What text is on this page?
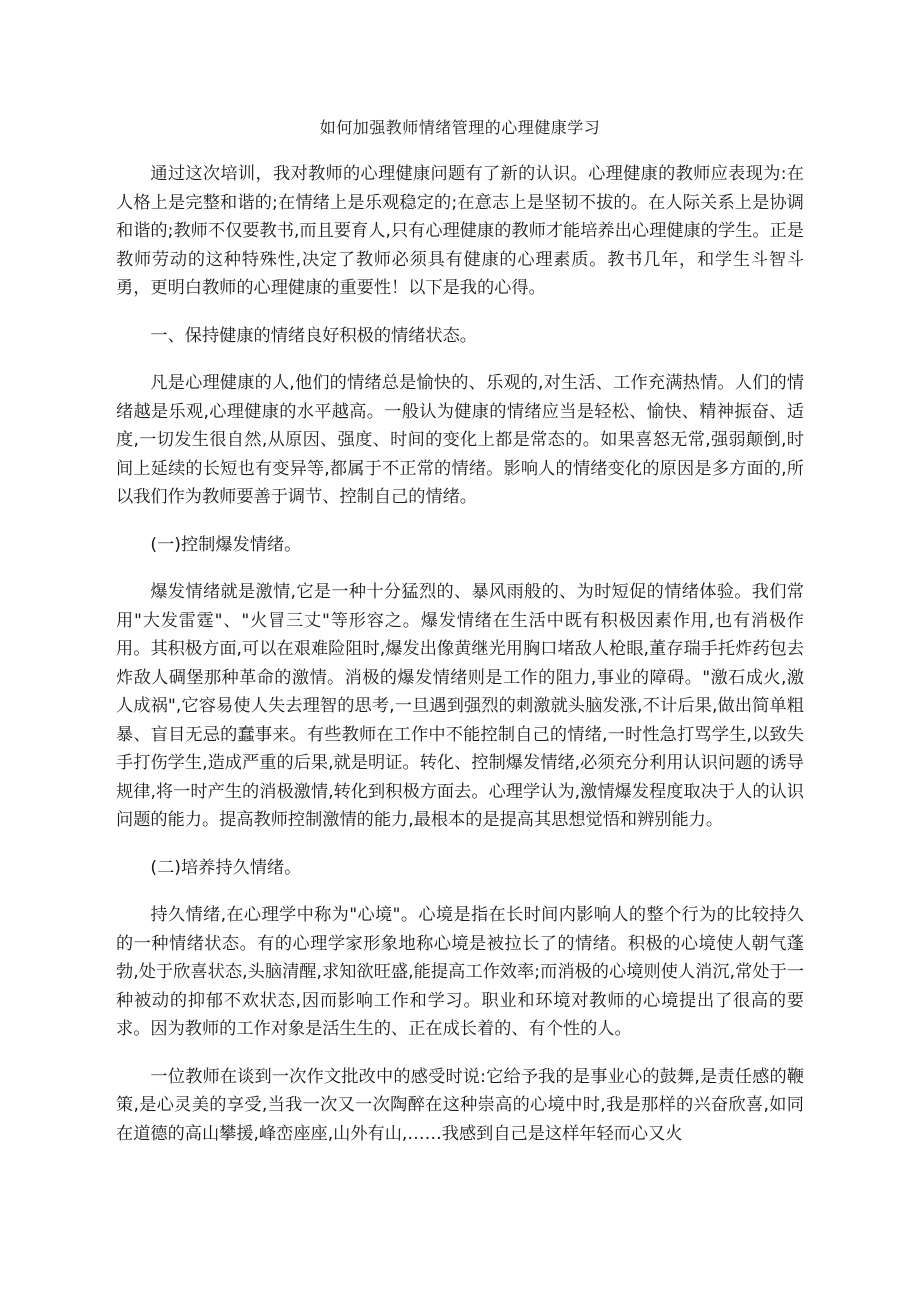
如何加强教师情绪管理的心理健康学习

通过这次培训，我对教师的心理健康问题有了新的认识。心理健康的教师应表现为:在人格上是完整和谐的;在情绪上是乐观稳定的;在意志上是坚韧不拔的。在人际关系上是协调和谐的;教师不仅要教书,而且要育人,只有心理健康的教师才能培养出心理健康的学生。正是教师劳动的这种特殊性,决定了教师必须具有健康的心理素质。教书几年，和学生斗智斗勇，更明白教师的心理健康的重要性！以下是我的心得。

一、保持健康的情绪良好积极的情绪状态。

凡是心理健康的人,他们的情绪总是愉快的、乐观的,对生活、工作充满热情。人们的情绪越是乐观,心理健康的水平越高。一般认为健康的情绪应当是轻松、愉快、精神振奋、适度,一切发生很自然,从原因、强度、时间的变化上都是常态的。如果喜怒无常,强弱颠倒,时间上延续的长短也有变异等,都属于不正常的情绪。影响人的情绪变化的原因是多方面的,所以我们作为教师要善于调节、控制自己的情绪。

(一)控制爆发情绪。

爆发情绪就是激情,它是一种十分猛烈的、暴风雨般的、为时短促的情绪体验。我们常用"大发雷霆"、"火冒三丈"等形容之。爆发情绪在生活中既有积极因素作用,也有消极作用。其积极方面,可以在艰难险阻时,爆发出像黄继光用胸口堵敌人枪眼,董存瑞手托炸药包去炸敌人碉堡那种革命的激情。消极的爆发情绪则是工作的阻力,事业的障碍。"激石成火,激人成祸",它容易使人失去理智的思考,一旦遇到强烈的刺激就头脑发涨,不计后果,做出简单粗暴、盲目无忌的蠢事来。有些教师在工作中不能控制自己的情绪,一时性急打骂学生,以致失手打伤学生,造成严重的后果,就是明证。转化、控制爆发情绪,必须充分利用认识问题的诱导规律,将一时产生的消极激情,转化到积极方面去。心理学认为,激情爆发程度取决于人的认识问题的能力。提高教师控制激情的能力,最根本的是提高其思想觉悟和辨别能力。

(二)培养持久情绪。

持久情绪,在心理学中称为"心境"。心境是指在长时间内影响人的整个行为的比较持久的一种情绪状态。有的心理学家形象地称心境是被拉长了的情绪。积极的心境使人朝气蓬勃,处于欣喜状态,头脑清醒,求知欲旺盛,能提高工作效率;而消极的心境则使人消沉,常处于一种被动的抑郁不欢状态,因而影响工作和学习。职业和环境对教师的心境提出了很高的要求。因为教师的工作对象是活生生的、正在成长着的、有个性的人。

一位教师在谈到一次作文批改中的感受时说:它给予我的是事业心的鼓舞,是责任感的鞭策,是心灵美的享受,当我一次又一次陶醉在这种崇高的心境中时,我是那样的兴奋欣喜,如同在道德的高山攀援,峰峦座座,山外有山,……我感到自己是这样年轻而心又火
